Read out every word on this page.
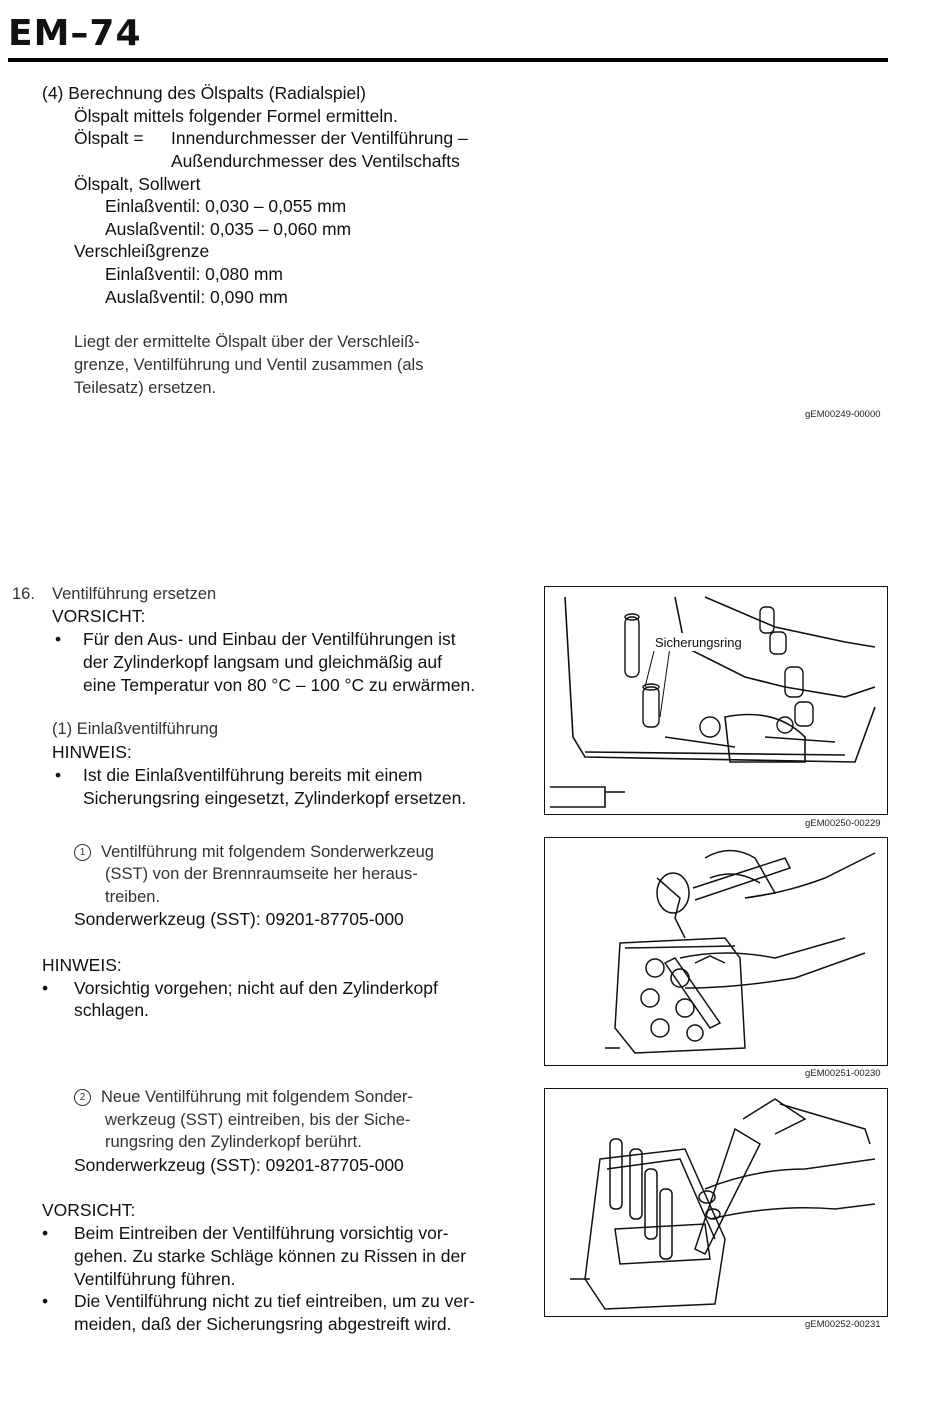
EM–74
(4) Berechnung des Ölspalts (Radialspiel)
Ölspalt mittels folgender Formel ermitteln.
Ölspalt = Innendurchmesser der Ventilführung –
Außendurchmesser des Ventilschafts
Ölspalt, Sollwert
Einlaßventil: 0,030 – 0,055 mm
Auslaßventil: 0,035 – 0,060 mm
Verschleißgrenze
Einlaßventil: 0,080 mm
Auslaßventil: 0,090 mm
Liegt der ermittelte Ölspalt über der Verschleiß-
grenze, Ventilführung und Ventil zusammen (als
Teilesatz) ersetzen.
gEM00249-00000
16. Ventilführung ersetzen
VORSICHT:
• Für den Aus- und Einbau der Ventilführungen ist
der Zylinderkopf langsam und gleichmäßig auf
eine Temperatur von 80 °C – 100 °C zu erwärmen.
(1) Einlaßventilführung
HINWEIS:
• Ist die Einlaßventilführung bereits mit einem
Sicherungsring eingesetzt, Zylinderkopf ersetzen.
1 Ventilführung mit folgendem Sonderwerkzeug
(SST) von der Brennraumseite her heraus-
treiben.
Sonderwerkzeug (SST): 09201-87705-000
HINWEIS:
• Vorsichtig vorgehen; nicht auf den Zylinderkopf
schlagen.
2 Neue Ventilführung mit folgendem Sonder-
werkzeug (SST) eintreiben, bis der Siche-
rungsring den Zylinderkopf berührt.
Sonderwerkzeug (SST): 09201-87705-000
VORSICHT:
• Beim Eintreiben der Ventilführung vorsichtig vor-
gehen. Zu starke Schläge können zu Rissen in der
Ventilführung führen.
• Die Ventilführung nicht zu tief eintreiben, um zu ver-
meiden, daß der Sicherungsring abgestreift wird.
Sicherungsring
gEM00250-00229
gEM00251-00230
gEM00252-00231
